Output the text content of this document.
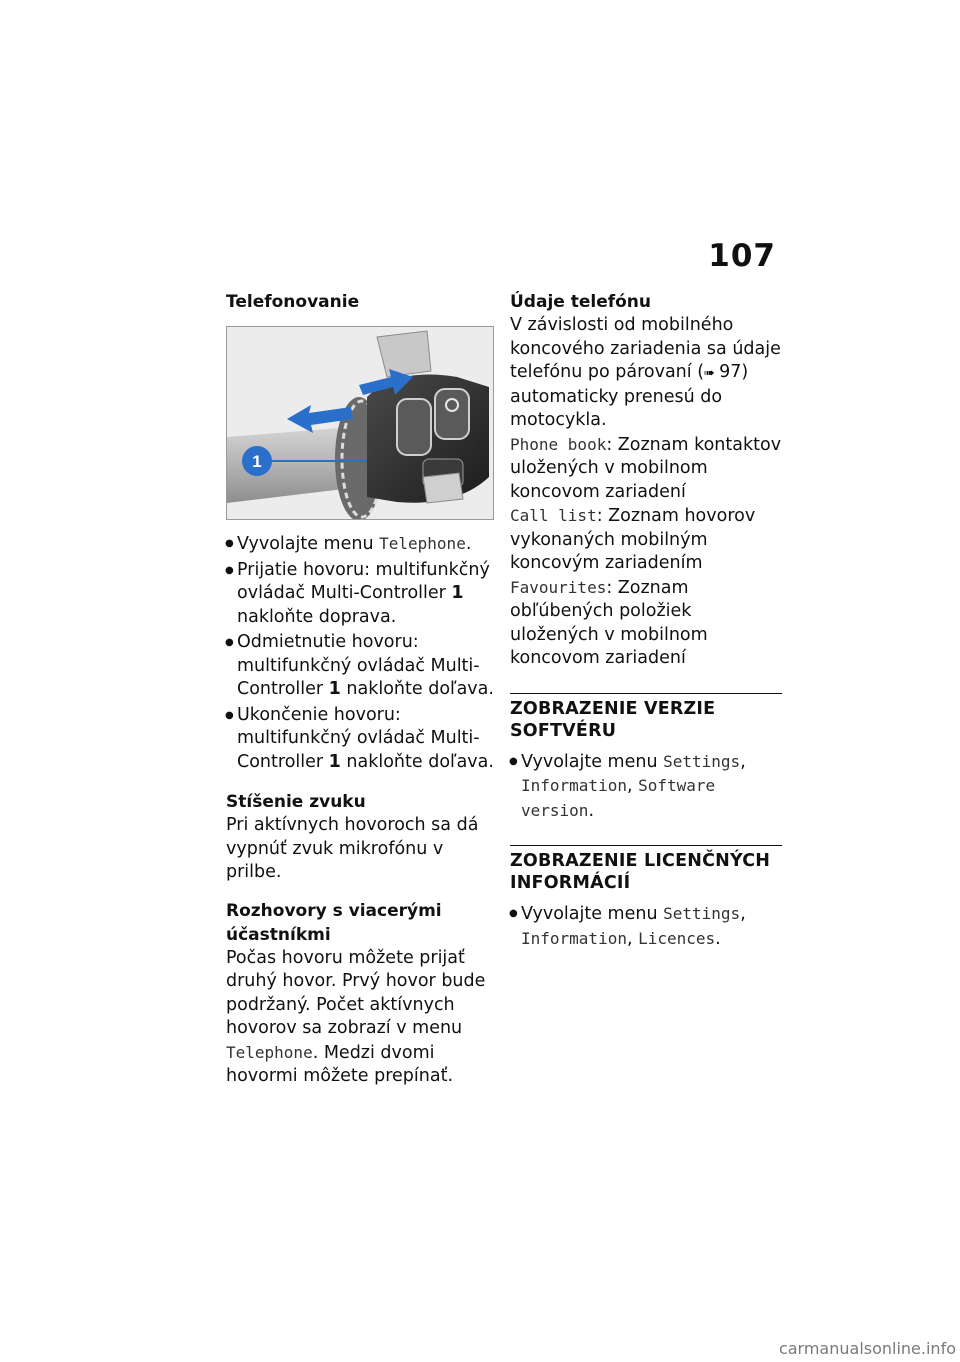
107

Telefonovanie

1
● Vyvolajte menu Telephone.
● Prijatie hovoru: multifunkčný ovládač Multi-Controller 1 nakloňte doprava.
● Odmietnutie hovoru: multifunkčný ovládač Multi-Controller 1 nakloňte doľava.
● Ukončenie hovoru: multifunkčný ovládač Multi-Controller 1 nakloňte doľava.

Stíšenie zvuku

Pri aktívnych hovoroch sa dá vypnúť zvuk mikrofónu v prilbe.

Rozhovory s viacerými účastníkmi

Počas hovoru môžete prijať druhý hovor. Prvý hovor bude podržaný. Počet aktívnych hovorov sa zobrazí v menu Telephone. Medzi dvomi hovormi môžete prepínať.

Údaje telefónu

V závislosti od mobilného koncového zariadenia sa údaje telefónu po párovaní (➠ 97) automaticky prenesú do motocykla.

Phone book: Zoznam kontaktov uložených v mobilnom koncovom zariadení

Call list: Zoznam hovorov vykonaných mobilným koncovým zariadením

Favourites: Zoznam obľúbených položiek uložených v mobilnom koncovom zariadení

ZOBRAZENIE VERZIE SOFTVÉRU
● Vyvolajte menu Settings, Information, Software version.
ZOBRAZENIE LICENČNÝCH INFORMÁCIÍ
● Vyvolajte menu Settings, Information, Licences.
carmanualsonline.info
